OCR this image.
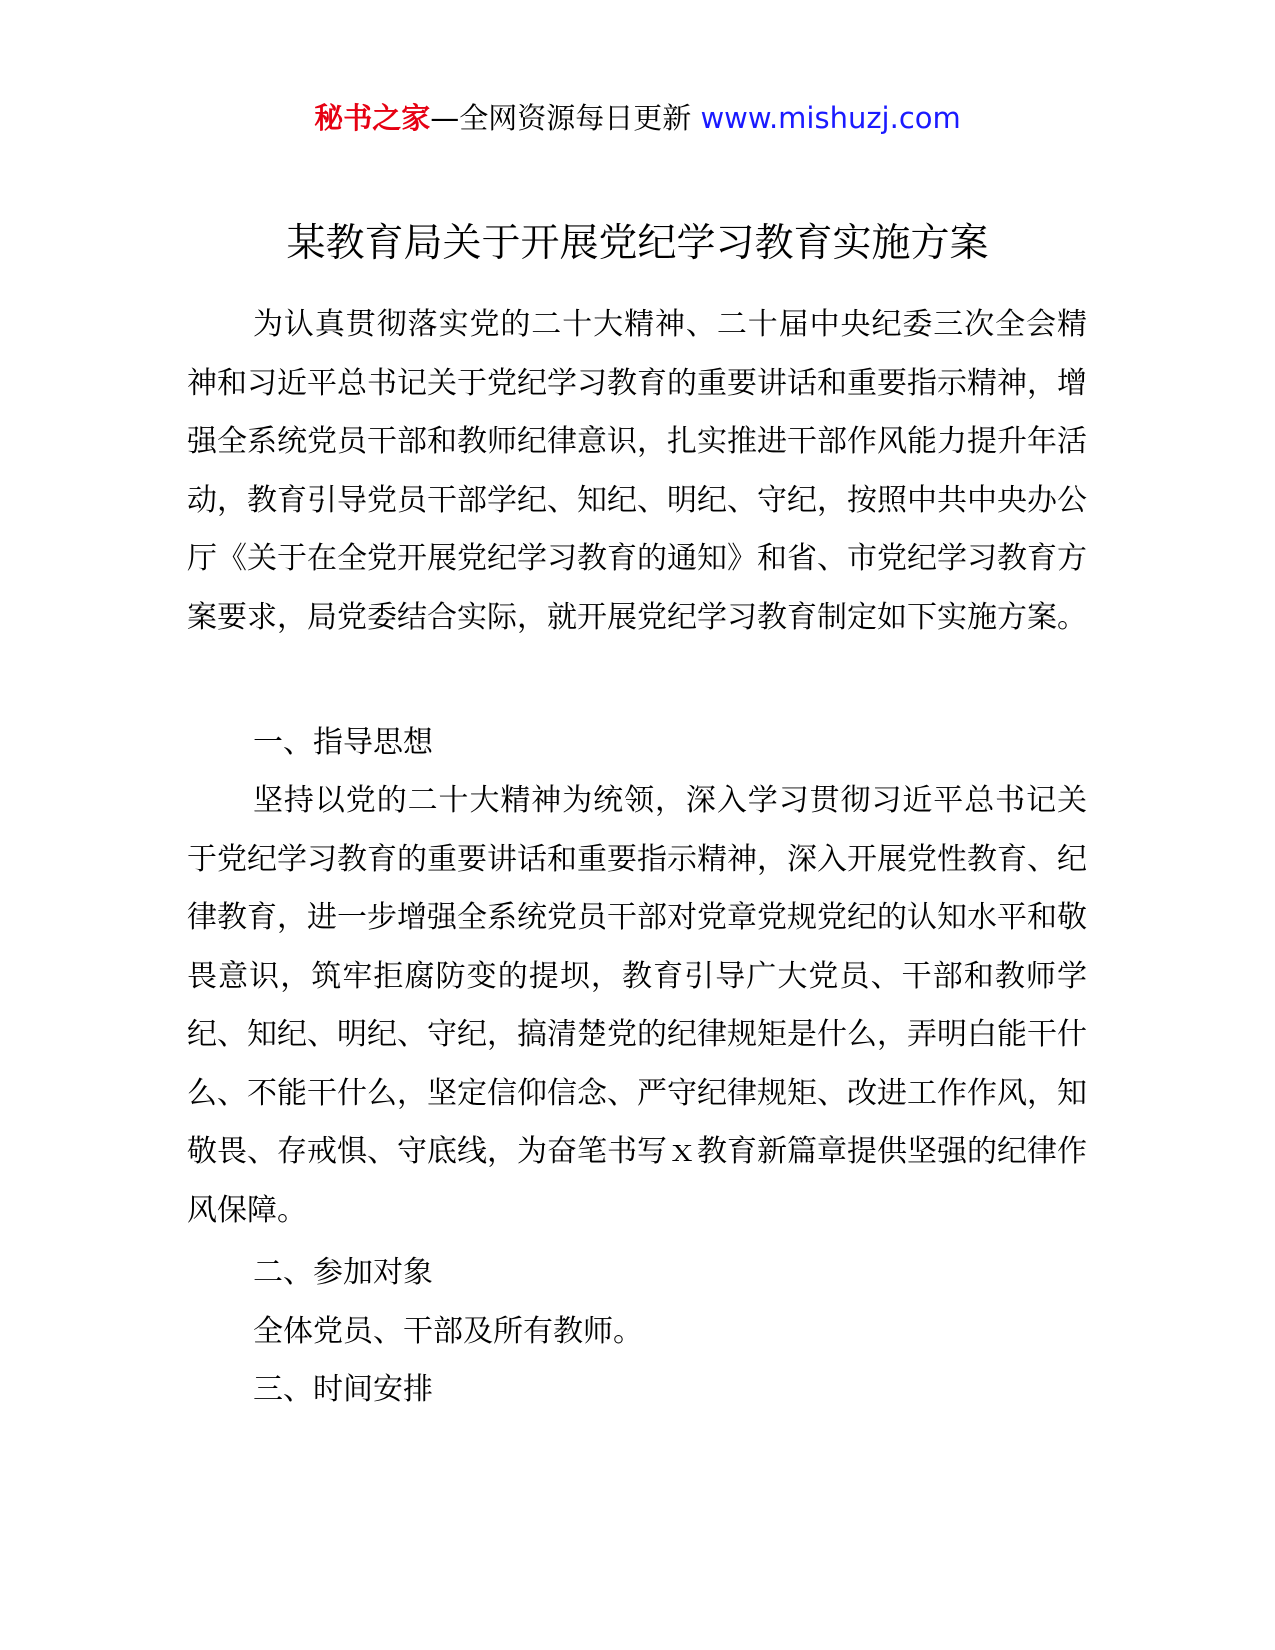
秘书之家—全网资源每日更新 www.mishuzj.com
某教育局关于开展党纪学习教育实施方案

为认真贯彻落实党的二十大精神、二十届中央纪委三次全会精神和习近平总书记关于党纪学习教育的重要讲话和重要指示精神，增强全系统党员干部和教师纪律意识，扎实推进干部作风能力提升年活动，教育引导党员干部学纪、知纪、明纪、守纪，按照中共中央办公厅《关于在全党开展党纪学习教育的通知》和省、市党纪学习教育方案要求，局党委结合实际，就开展党纪学习教育制定如下实施方案。

一、指导思想

坚持以党的二十大精神为统领，深入学习贯彻习近平总书记关于党纪学习教育的重要讲话和重要指示精神，深入开展党性教育、纪律教育，进一步增强全系统党员干部对党章党规党纪的认知水平和敬畏意识，筑牢拒腐防变的提坝，教育引导广大党员、干部和教师学纪、知纪、明纪、守纪，搞清楚党的纪律规矩是什么，弄明白能干什么、不能干什么，坚定信仰信念、严守纪律规矩、改进工作作风，知敬畏、存戒惧、守底线，为奋笔书写ｘ教育新篇章提供坚强的纪律作风保障。

二、参加对象

全体党员、干部及所有教师。

三、时间安排
